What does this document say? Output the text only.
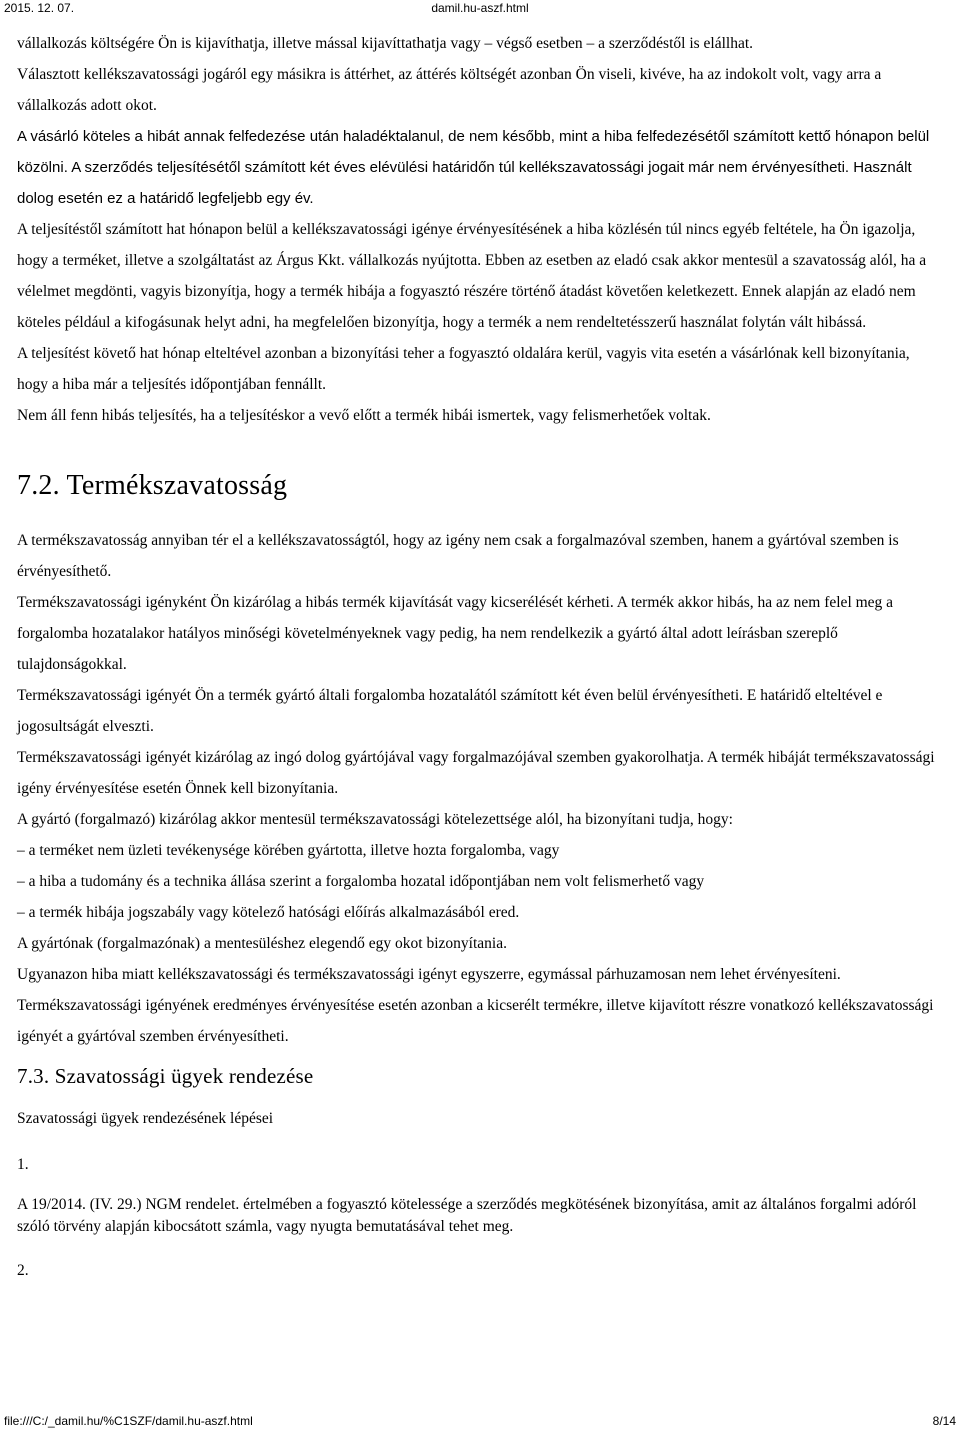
2015. 12. 07.	damil.hu-aszf.html

vállalkozás költségére Ön is kijavíthatja, illetve mással kijavíttathatja vagy – végső esetben – a szerződéstől is elállhat.

Választott kellékszavatossági jogáról egy másikra is áttérhet, az áttérés költségét azonban Ön viseli, kivéve, ha az indokolt volt, vagy arra a vállalkozás adott okot.

A vásárló köteles a hibát annak felfedezése után haladéktalanul, de nem később, mint a hiba felfedezésétől számított kettő hónapon belül közölni. A szerződés teljesítésétől számított két éves elévülési határidőn túl kellékszavatossági jogait már nem érvényesítheti. Használt dolog esetén ez a határidő legfeljebb egy év.

A teljesítéstől számított hat hónapon belül a kellékszavatossági igénye érvényesítésének a hiba közlésén túl nincs egyéb feltétele, ha Ön igazolja, hogy a terméket, illetve a szolgáltatást az Árgus Kkt. vállalkozás nyújtotta. Ebben az esetben az eladó csak akkor mentesül a szavatosság alól, ha a vélelmet megdönti, vagyis bizonyítja, hogy a termék hibája a fogyasztó részére történő átadást követően keletkezett. Ennek alapján az eladó nem köteles például a kifogásunak helyt adni, ha megfelelően bizonyítja, hogy a termék a nem rendeltetésszerű használat folytán vált hibássá.

A teljesítést követő hat hónap elteltével azonban a bizonyítási teher a fogyasztó oldalára kerül, vagyis vita esetén a vásárlónak kell bizonyítania, hogy a hiba már a teljesítés időpontjában fennállt.

Nem áll fenn hibás teljesítés, ha a teljesítéskor a vevő előtt a termék hibái ismertek, vagy felismerhetőek voltak.

7.2. Termékszavatosság

A termékszavatosság annyiban tér el a kellékszavatosságtól, hogy az igény nem csak a forgalmazóval szemben, hanem a gyártóval szemben is érvényesíthető.

Termékszavatossági igényként Ön kizárólag a hibás termék kijavítását vagy kicserélését kérheti. A termék akkor hibás, ha az nem felel meg a forgalomba hozatalakor hatályos minőségi követelményeknek vagy pedig, ha nem rendelkezik a gyártó által adott leírásban szereplő tulajdonságokkal.

Termékszavatossági igényét Ön a termék gyártó általi forgalomba hozatalától számított két éven belül érvényesítheti. E határidő elteltével e jogosultságát elveszti.

Termékszavatossági igényét kizárólag az ingó dolog gyártójával vagy forgalmazójával szemben gyakorolhatja. A termék hibáját termékszavatossági igény érvényesítése esetén Önnek kell bizonyítania.

A gyártó (forgalmazó) kizárólag akkor mentesül termékszavatossági kötelezettsége alól, ha bizonyítani tudja, hogy:

– a terméket nem üzleti tevékenysége körében gyártotta, illetve hozta forgalomba, vagy

– a hiba a tudomány és a technika állása szerint a forgalomba hozatal időpontjában nem volt felismerhető vagy

– a termék hibája jogszabály vagy kötelező hatósági előírás alkalmazásából ered.

A gyártónak (forgalmazónak) a mentesüléshez elegendő egy okot bizonyítania.

Ugyanazon hiba miatt kellékszavatossági és termékszavatossági igényt egyszerre, egymással párhuzamosan nem lehet érvényesíteni. Termékszavatossági igényének eredményes érvényesítése esetén azonban a kicserélt termékre, illetve kijavított részre vonatkozó kellékszavatossági igényét a gyártóval szemben érvényesítheti.

7.3. Szavatossági ügyek rendezése

Szavatossági ügyek rendezésének lépései

1.

A 19/2014. (IV. 29.) NGM rendelet. értelmében a fogyasztó kötelessége a szerződés megkötésének bizonyítása, amit az általános forgalmi adóról szóló törvény alapján kibocsátott számla, vagy nyugta bemutatásával tehet meg.

2.

file:///C:/_damil.hu/%C1SZF/damil.hu-aszf.html	8/14
